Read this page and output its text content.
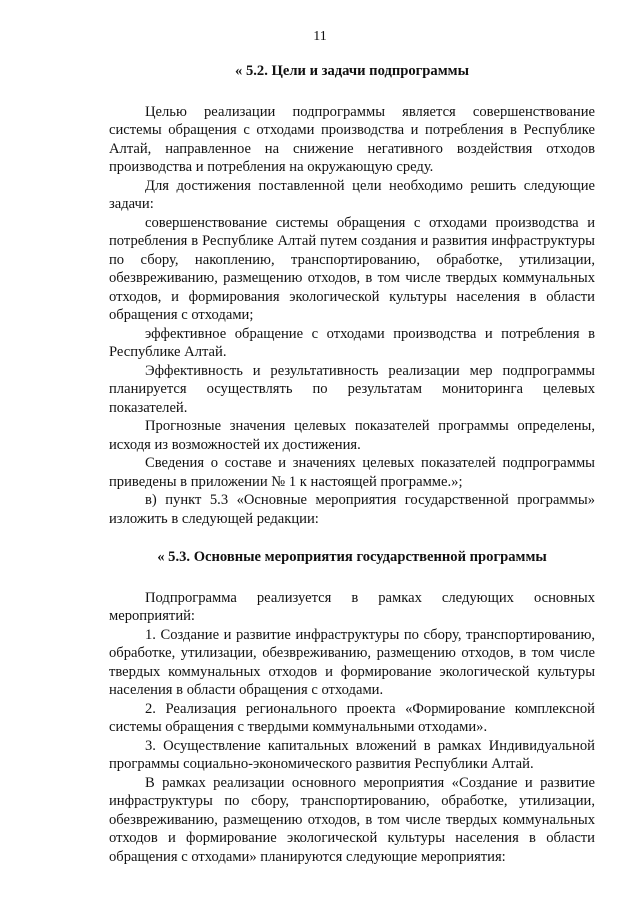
11
« 5.2. Цели и задачи подпрограммы

Целью реализации подпрограммы является совершенствование системы обращения с отходами производства и потребления в Республике Алтай, направленное на снижение негативного воздействия отходов производства и потребления на окружающую среду.

Для достижения поставленной цели необходимо решить следующие задачи:

совершенствование системы обращения с отходами производства и потребления в Республике Алтай путем создания и развития инфраструктуры по сбору, накоплению, транспортированию, обработке, утилизации, обезвреживанию, размещению отходов, в том числе твердых коммунальных отходов, и формирования экологической культуры населения в области обращения с отходами;

эффективное обращение с отходами производства и потребления в Республике Алтай.

Эффективность и результативность реализации мер подпрограммы планируется осуществлять по результатам мониторинга целевых показателей.

Прогнозные значения целевых показателей программы определены, исходя из возможностей их достижения.

Сведения о составе и значениях целевых показателей подпрограммы приведены в приложении № 1 к настоящей программе.»;

в) пункт 5.3 «Основные мероприятия государственной программы» изложить в следующей редакции:

« 5.3. Основные мероприятия государственной программы

Подпрограмма реализуется в рамках следующих основных мероприятий:

1. Создание и развитие инфраструктуры по сбору, транспортированию, обработке, утилизации, обезвреживанию, размещению отходов, в том числе твердых коммунальных отходов и формирование экологической культуры населения в области обращения с отходами.

2. Реализация регионального проекта «Формирование комплексной системы обращения с твердыми коммунальными отходами».

3. Осуществление капитальных вложений в рамках Индивидуальной программы социально-экономического развития Республики Алтай.

В рамках реализации основного мероприятия «Создание и развитие инфраструктуры по сбору, транспортированию, обработке, утилизации, обезвреживанию, размещению отходов, в том числе твердых коммунальных отходов и формирование экологической культуры населения в области обращения с отходами» планируются следующие мероприятия:
